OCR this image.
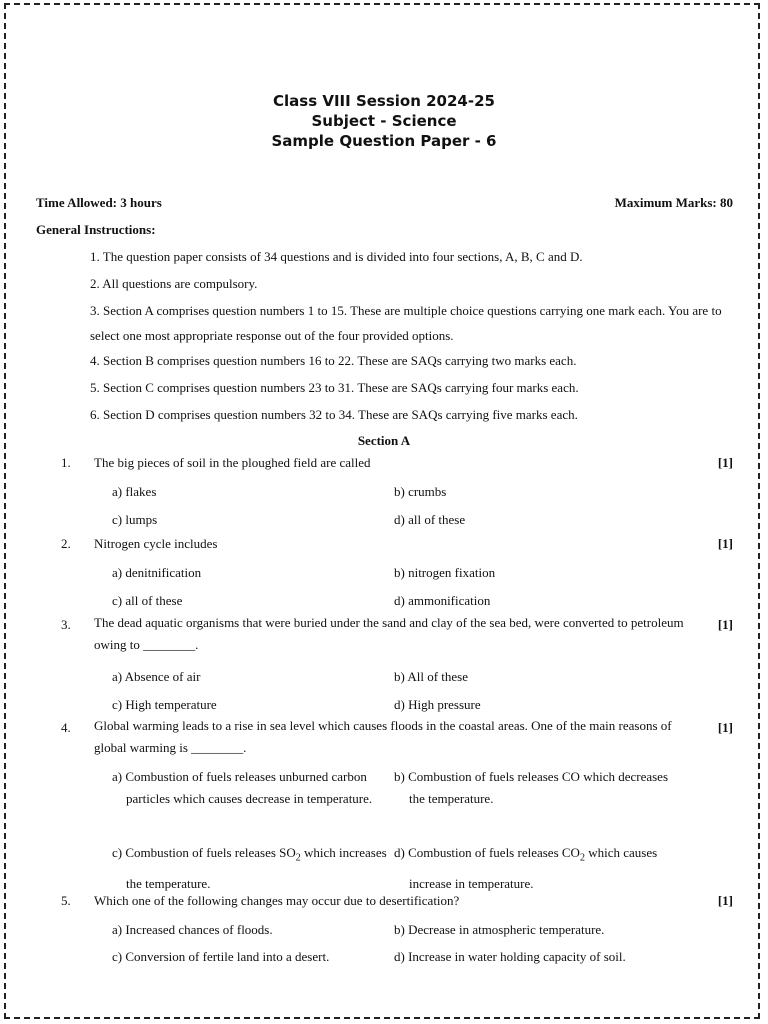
Class VIII Session 2024-25
Subject - Science
Sample Question Paper - 6
Time Allowed: 3 hours	Maximum Marks: 80
General Instructions:
1. The question paper consists of 34 questions and is divided into four sections, A, B, C and D.
2. All questions are compulsory.
3. Section A comprises question numbers 1 to 15. These are multiple choice questions carrying one mark each. You are to select one most appropriate response out of the four provided options.
4. Section B comprises question numbers 16 to 22. These are SAQs carrying two marks each.
5. Section C comprises question numbers 23 to 31. These are SAQs carrying four marks each.
6. Section D comprises question numbers 32 to 34. These are SAQs carrying five marks each.
Section A
1. The big pieces of soil in the ploughed field are called	[1]
a) flakes	b) crumbs
c) lumps	d) all of these
2. Nitrogen cycle includes	[1]
a) denitnification	b) nitrogen fixation
c) all of these	d) ammonification
3. The dead aquatic organisms that were buried under the sand and clay of the sea bed, were converted to petroleum owing to ________.
[1]
a) Absence of air	b) All of these
c) High temperature	d) High pressure
4. Global warming leads to a rise in sea level which causes floods in the coastal areas. One of the main reasons of global warming is ________.
[1]
a) Combustion of fuels releases unburned carbon particles which causes decrease in temperature.
b) Combustion of fuels releases CO which decreases the temperature.
c) Combustion of fuels releases $SO_2$ which increases the temperature.
d) Combustion of fuels releases $CO_2$ which causes increase in temperature.
5. Which one of the following changes may occur due to desertification?	[1]
a) Increased chances of floods.	b) Decrease in atmospheric temperature.
c) Conversion of fertile land into a desert.	d) Increase in water holding capacity of soil.
